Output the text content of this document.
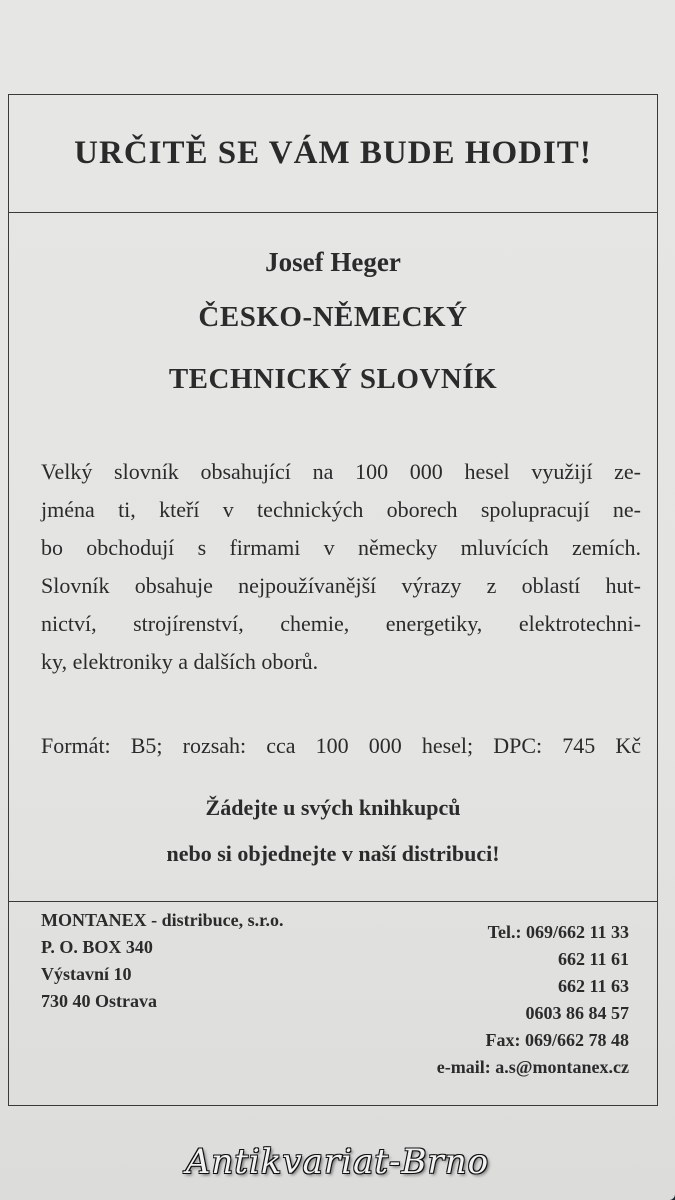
URČITĚ SE VÁM BUDE HODIT!
Josef Heger
ČESKO-NĚMECKÝ
TECHNICKÝ SLOVNÍK
Velký slovník obsahující na 100 000 hesel využijí ze-
jména ti, kteří v technických oborech spolupracují ne-
bo obchodují s firmami v německy mluvících zemích.
Slovník obsahuje nejpoužívanější výrazy z oblastí hut-
nictví, strojírenství, chemie, energetiky, elektrotechni-
ky, elektroniky a dalších oborů.
Formát: B5; rozsah: cca 100 000 hesel; DPC: 745 Kč
Žádejte u svých knihkupců
nebo si objednejte v naší distribuci!
MONTANEX - distribuce, s.r.o.
P. O. BOX 340
Výstavní 10
730 40 Ostrava
Tel.: 069/662 11 33
662 11 61
662 11 63
0603 86 84 57
Fax: 069/662 78 48
e-mail: a.s@montanex.cz
Antikvariat-Brno
